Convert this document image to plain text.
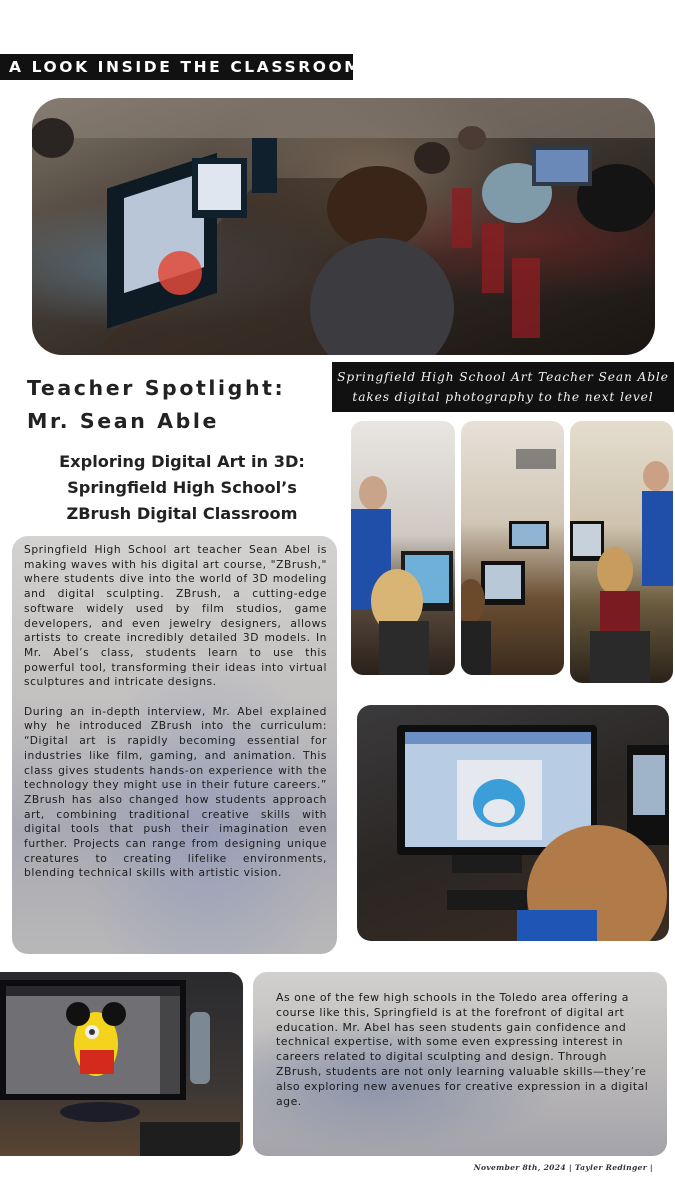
A LOOK INSIDE THE CLASSROOM
Teacher Spotlight:
Mr. Sean Able
Springfield High School Art Teacher Sean Able
takes digital photography to the next level
Exploring Digital Art in 3D:
Springfield High School’s
ZBrush Digital Classroom

Springfield High School art teacher Sean Abel is making waves with his digital art course, "ZBrush," where students dive into the world of 3D modeling and digital sculpting. ZBrush, a cutting-edge software widely used by film studios, game developers, and even jewelry designers, allows artists to create incredibly detailed 3D models. In Mr. Abel’s class, students learn to use this powerful tool, transforming their ideas into virtual sculptures and intricate designs.

During an in-depth interview, Mr. Abel explained why he introduced ZBrush into the curriculum: “Digital art is rapidly becoming essential for industries like film, gaming, and animation. This class gives students hands-on experience with the technology they might use in their future careers.” ZBrush has also changed how students approach art, combining traditional creative skills with digital tools that push their imagination even further. Projects can range from designing unique creatures to creating lifelike environments, blending technical skills with artistic vision.

As one of the few high schools in the Toledo area offering a course like this, Springfield is at the forefront of digital art education. Mr. Abel has seen students gain confidence and technical expertise, with some even expressing interest in careers related to digital sculpting and design. Through ZBrush, students are not only learning valuable skills—they’re also exploring new avenues for creative expression in a digital age.
November 8th, 2024 | Tayler Redinger |
